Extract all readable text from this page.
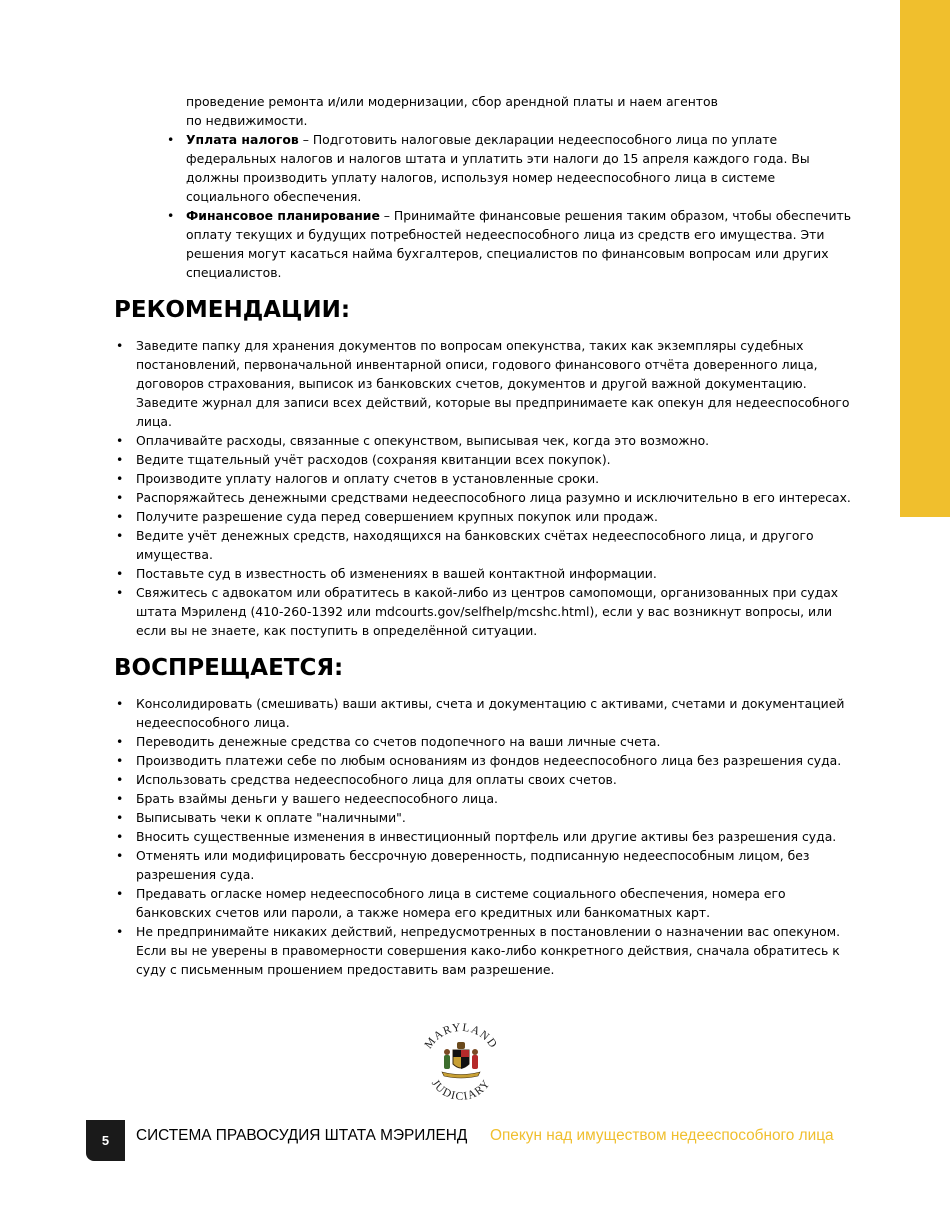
проведение ремонта и/или модернизации, сбор арендной платы и наем агентов

по недвижимости.

• Уплата налогов – Подготовить налоговые декларации недееспособного лица по уплате федеральных налогов и налогов штата и уплатить эти налоги до 15 апреля каждого года. Вы должны производить уплату налогов, используя номер недееспособного лица в системе социального обеспечения.
• Финансовое планирование – Принимайте финансовые решения таким образом, чтобы обеспечить оплату текущих и будущих потребностей недееспособного лица из средств его имущества. Эти решения могут касаться найма бухгалтеров, специалистов по финансовым вопросам или других специалистов.
РЕКОМЕНДАЦИИ:
• Заведите папку для хранения документов по вопросам опекунства, таких как экземпляры судебных постановлений, первоначальной инвентарной описи, годового финансового отчёта доверенного лица, договоров страхования, выписок из банковских счетов, документов и другой важной документацию. Заведите журнал для записи всех действий, которые вы предпринимаете как опекун для недееспособного лица.
• Оплачивайте расходы, связанные с опекунством, выписывая чек, когда это возможно.
• Ведите тщательный учёт расходов (сохраняя квитанции всех покупок).
• Производите уплату налогов и оплату счетов в установленные сроки.
• Распоряжайтесь денежными средствами недееспособного лица разумно и исключительно в его интересах.
• Получите разрешение суда перед совершением крупных покупок или продаж.
• Ведите учёт денежных средств, находящихся на банковских счётах недееспособного лица, и другого имущества.
• Поставьте суд в известность об изменениях в вашей контактной информации.
• Свяжитесь с адвокатом или обратитесь в какой-либо из центров самопомощи, организованных при судах штата Мэриленд (410-260-1392 или mdcourts.gov/selfhelp/mcshc.html), если у вас возникнут вопросы, или если вы не знаете, как поступить в определённой ситуации.
ВОСПРЕЩАЕТСЯ:
• Консолидировать (смешивать) ваши активы, счета и документацию с активами, счетами и документацией недееспособного лица.
• Переводить денежные средства со счетов подопечного на ваши личные счета.
• Производить платежи себе по любым основаниям из фондов недееспособного лица без разрешения суда.
• Использовать средства недееспособного лица для оплаты своих счетов.
• Брать взаймы деньги у вашего недееспособного лица.
• Выписывать чеки к оплате "наличными".
• Вносить существенные изменения в инвестиционный портфель или другие активы без разрешения суда.
• Отменять или модифицировать бессрочную доверенность, подписанную недееспособным лицом, без разрешения суда.
• Предавать огласке номер недееспособного лица в системе социального обеспечения, номера его банковских счетов или пароли, а также номера его кредитных или банкоматных карт.
• Не предпринимайте никаких действий, непредусмотренных в постановлении о назначении вас опекуном. Если вы не уверены в правомерности совершения како-либо конкретного действия, сначала обратитесь к суду с письменным прошением предоставить вам разрешение.
MARYLAND
JUDICIARY
5 СИСТЕМА ПРАВОСУДИЯ ШТАТА МЭРИЛЕНД Опекун над имуществом недееспособного лица
